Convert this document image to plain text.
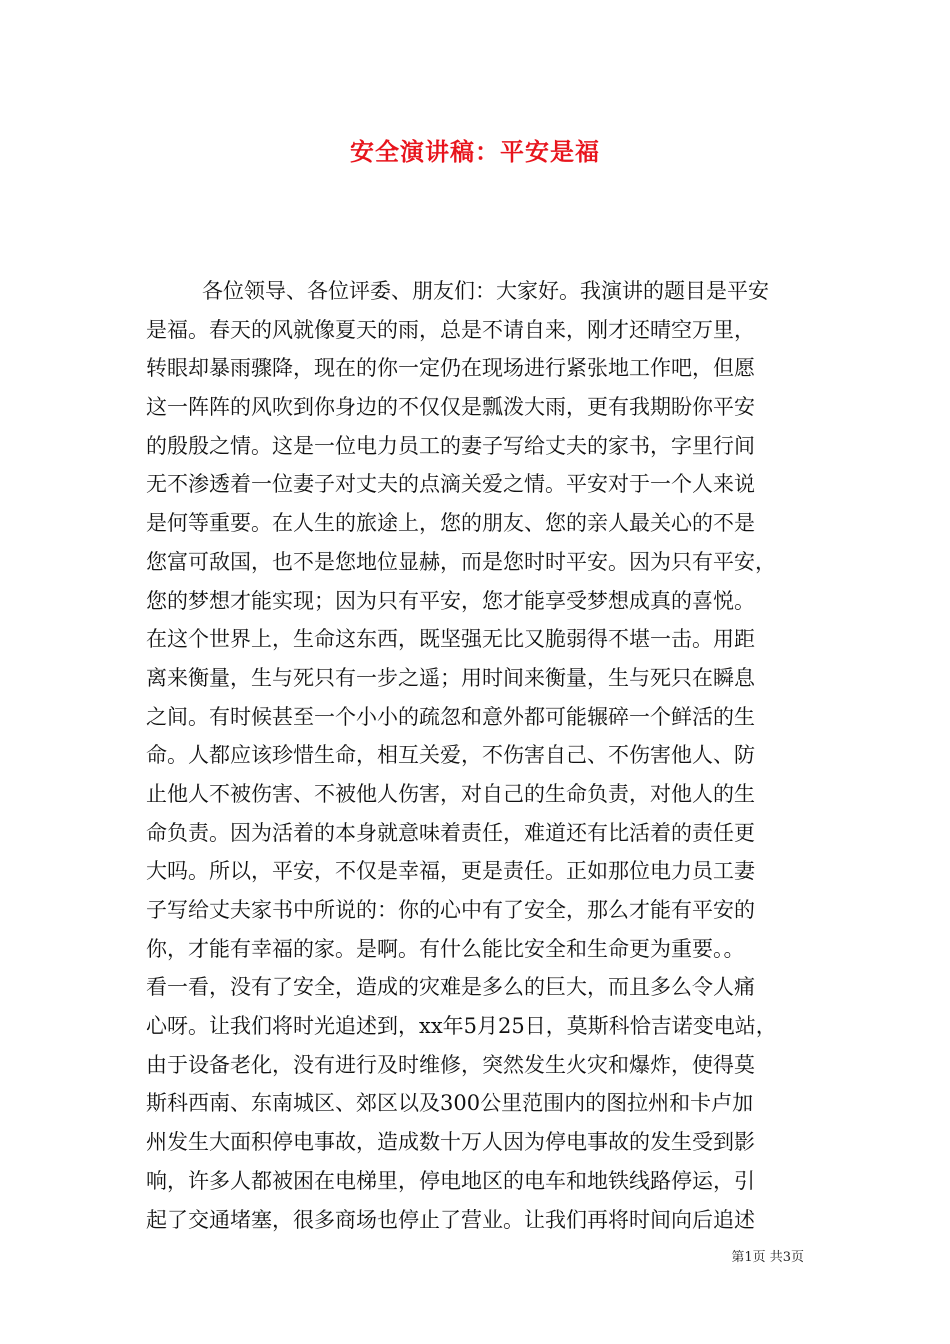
安全演讲稿：平安是福
各位领导、各位评委、朋友们：大家好。我演讲的题目是平安
是福。春天的风就像夏天的雨，总是不请自来，刚才还晴空万里，
转眼却暴雨骤降，现在的你一定仍在现场进行紧张地工作吧，但愿
这一阵阵的风吹到你身边的不仅仅是瓢泼大雨，更有我期盼你平安
的殷殷之情。这是一位电力员工的妻子写给丈夫的家书，字里行间
无不渗透着一位妻子对丈夫的点滴关爱之情。平安对于一个人来说
是何等重要。在人生的旅途上，您的朋友、您的亲人最关心的不是
您富可敌国，也不是您地位显赫，而是您时时平安。因为只有平安，
您的梦想才能实现；因为只有平安，您才能享受梦想成真的喜悦。
在这个世界上，生命这东西，既坚强无比又脆弱得不堪一击。用距
离来衡量，生与死只有一步之遥；用时间来衡量，生与死只在瞬息
之间。有时候甚至一个小小的疏忽和意外都可能辗碎一个鲜活的生
命。人都应该珍惜生命，相互关爱，不伤害自己、不伤害他人、防
止他人不被伤害、不被他人伤害，对自己的生命负责，对他人的生
命负责。因为活着的本身就意味着责任，难道还有比活着的责任更
大吗。所以，平安，不仅是幸福，更是责任。正如那位电力员工妻
子写给丈夫家书中所说的：你的心中有了安全，那么才能有平安的
你，才能有幸福的家。是啊。有什么能比安全和生命更为重要。。
看一看，没有了安全，造成的灾难是多么的巨大，而且多么令人痛
心呀。让我们将时光追述到，xx年5月25日，莫斯科恰吉诺变电站，
由于设备老化，没有进行及时维修，突然发生火灾和爆炸，使得莫
斯科西南、东南城区、郊区以及300公里范围内的图拉州和卡卢加
州发生大面积停电事故，造成数十万人因为停电事故的发生受到影
响，许多人都被困在电梯里，停电地区的电车和地铁线路停运，引
起了交通堵塞，很多商场也停止了营业。让我们再将时间向后追述
第1页 共3页
